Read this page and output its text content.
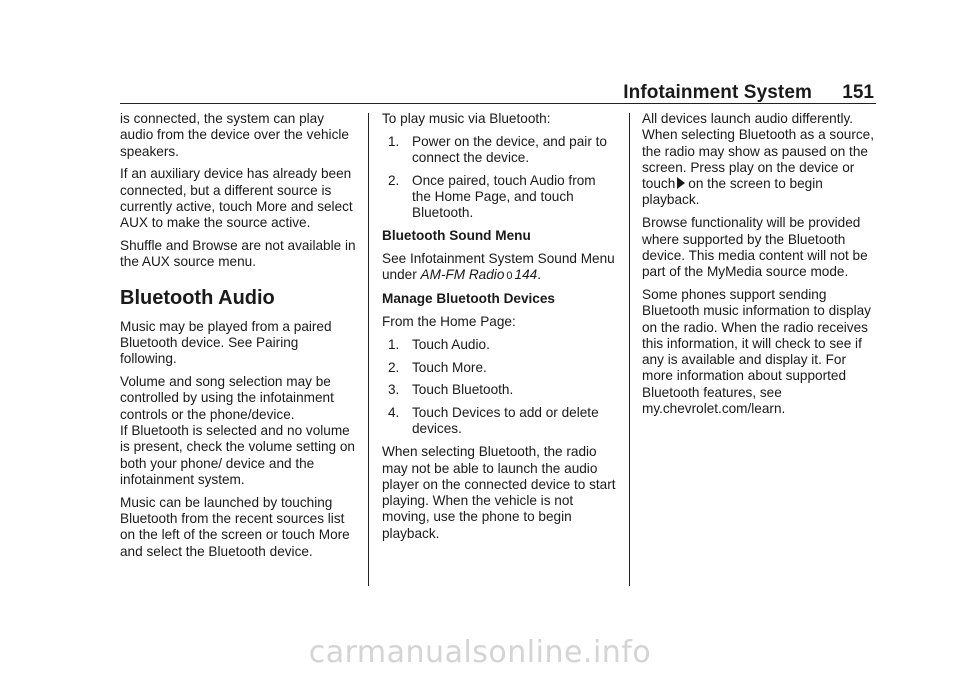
Infotainment System 151

is connected, the system can play audio from the device over the vehicle speakers.

If an auxiliary device has already been connected, but a different source is currently active, touch More and select AUX to make the source active.

Shuffle and Browse are not available in the AUX source menu.

Bluetooth Audio

Music may be played from a paired Bluetooth device. See Pairing following.

Volume and song selection may be controlled by using the infotainment controls or the phone/device.

If Bluetooth is selected and no volume is present, check the volume setting on both your phone/ device and the infotainment system.

Music can be launched by touching Bluetooth from the recent sources list on the left of the screen or touch More and select the Bluetooth device.

To play music via Bluetooth:

1. Power on the device, and pair to connect the device.
2. Once paired, touch Audio from the Home Page, and touch Bluetooth.
Bluetooth Sound Menu

See Infotainment System Sound Menu under AM-FM Radio 0 144.

Manage Bluetooth Devices

From the Home Page:

1. Touch Audio.
2. Touch More.
3. Touch Bluetooth.
4. Touch Devices to add or delete devices.

When selecting Bluetooth, the radio may not be able to launch the audio player on the connected device to start playing. When the vehicle is not moving, use the phone to begin playback.

All devices launch audio differently. When selecting Bluetooth as a source, the radio may show as paused on the screen. Press play on the device or touch on the screen to begin playback.

Browse functionality will be provided where supported by the Bluetooth device. This media content will not be part of the MyMedia source mode.

Some phones support sending Bluetooth music information to display on the radio. When the radio receives this information, it will check to see if any is available and display it. For more information about supported Bluetooth features, see my.chevrolet.com/learn.

carmanualsonline.info
